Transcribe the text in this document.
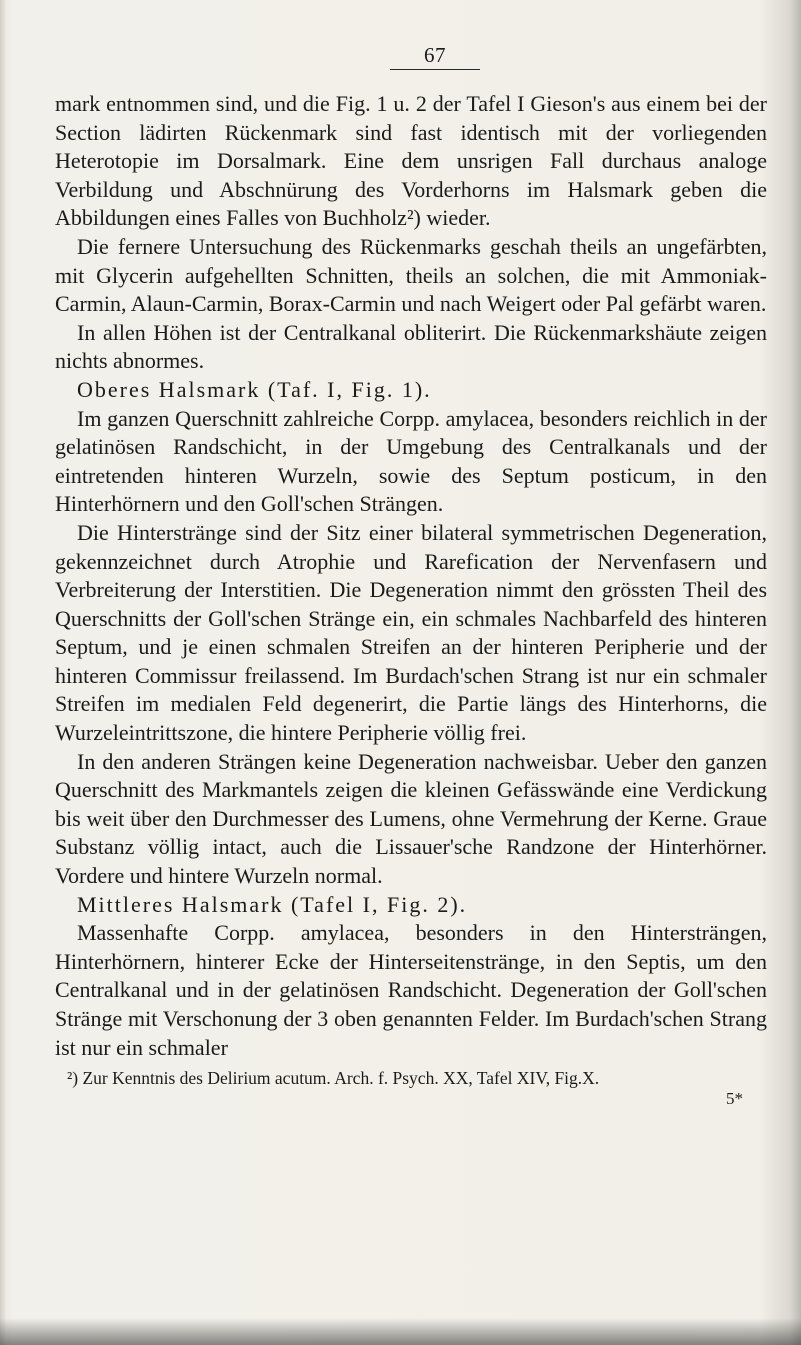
67

mark entnommen sind, und die Fig. 1 u. 2 der Tafel I Gieson's aus einem bei der Section lädirten Rückenmark sind fast identisch mit der vorliegenden Heterotopie im Dorsalmark. Eine dem unsrigen Fall durchaus analoge Verbildung und Abschnürung des Vorderhorns im Halsmark geben die Abbildungen eines Falles von Buchholz²) wieder.

Die fernere Untersuchung des Rückenmarks geschah theils an ungefärbten, mit Glycerin aufgehellten Schnitten, theils an solchen, die mit Ammoniak-Carmin, Alaun-Carmin, Borax-Carmin und nach Weigert oder Pal gefärbt waren.

In allen Höhen ist der Centralkanal obliterirt. Die Rückenmarkshäute zeigen nichts abnormes.

Oberes Halsmark (Taf. I, Fig. 1).

Im ganzen Querschnitt zahlreiche Corpp. amylacea, besonders reichlich in der gelatinösen Randschicht, in der Umgebung des Centralkanals und der eintretenden hinteren Wurzeln, sowie des Septum posticum, in den Hinterhörnern und den Goll'schen Strängen.

Die Hinterstränge sind der Sitz einer bilateral symmetrischen Degeneration, gekennzeichnet durch Atrophie und Rarefication der Nervenfasern und Verbreiterung der Interstitien. Die Degeneration nimmt den grössten Theil des Querschnitts der Goll'schen Stränge ein, ein schmales Nachbarfeld des hinteren Septum, und je einen schmalen Streifen an der hinteren Peripherie und der hinteren Commissur freilassend. Im Burdach'schen Strang ist nur ein schmaler Streifen im medialen Feld degenerirt, die Partie längs des Hinterhorns, die Wurzeleintrittszone, die hintere Peripherie völlig frei.

In den anderen Strängen keine Degeneration nachweisbar. Ueber den ganzen Querschnitt des Markmantels zeigen die kleinen Gefässwände eine Verdickung bis weit über den Durchmesser des Lumens, ohne Vermehrung der Kerne. Graue Substanz völlig intact, auch die Lissauer'sche Randzone der Hinterhörner. Vordere und hintere Wurzeln normal.

Mittleres Halsmark (Tafel I, Fig. 2).

Massenhafte Corpp. amylacea, besonders in den Hintersträngen, Hinterhörnern, hinterer Ecke der Hinterseitenstränge, in den Septis, um den Centralkanal und in der gelatinösen Randschicht. Degeneration der Goll'schen Stränge mit Verschonung der 3 oben genannten Felder. Im Burdach'schen Strang ist nur ein schmaler

²) Zur Kenntnis des Delirium acutum. Arch. f. Psych. XX, Tafel XIV, Fig.X.

5*
